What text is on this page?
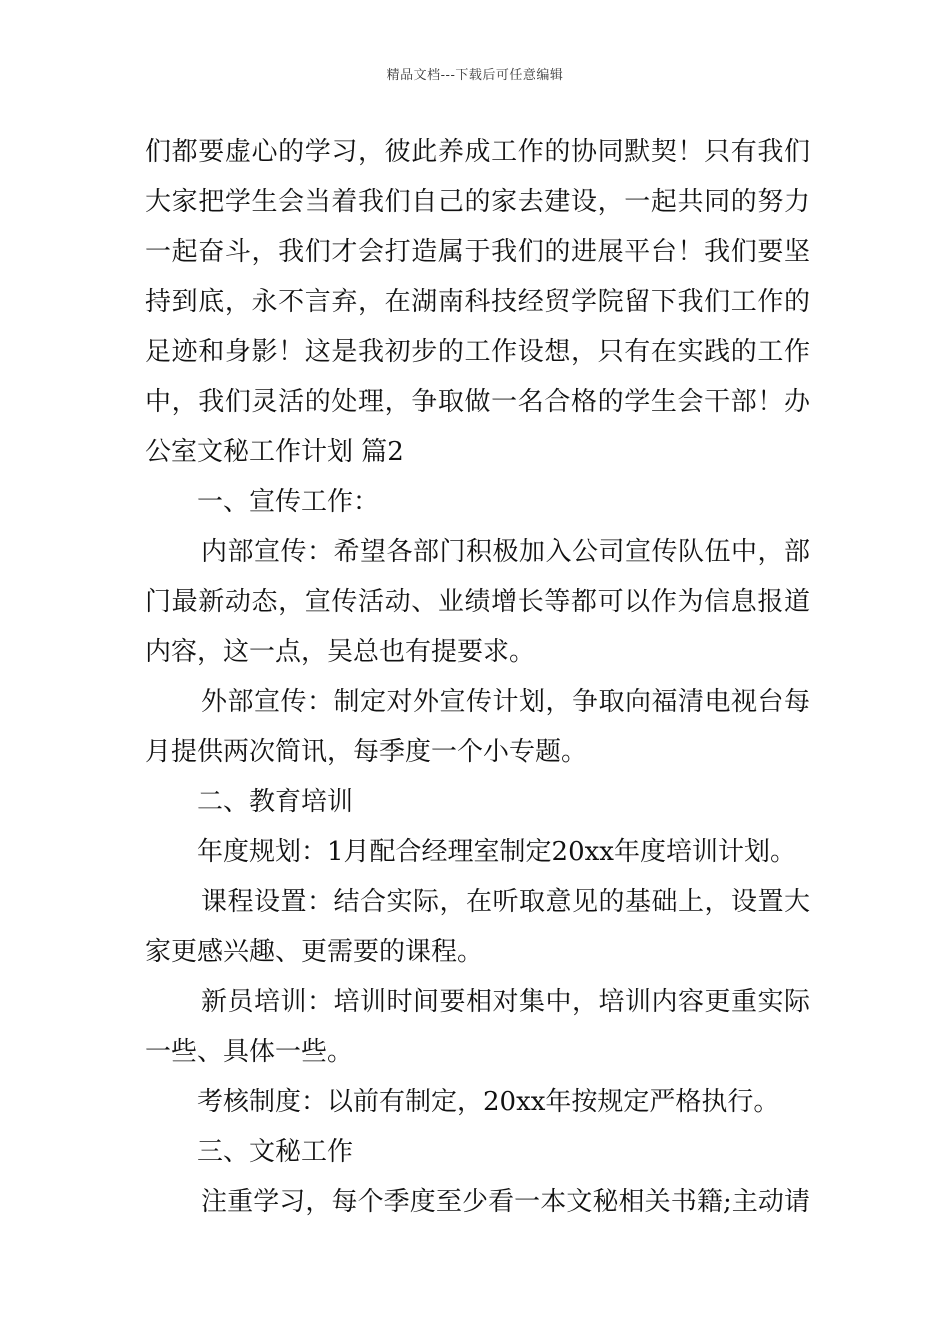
精品文档---下载后可任意编辑
们都要虚心的学习，彼此养成工作的协同默契！只有我们
大家把学生会当着我们自己的家去建设，一起共同的努力
一起奋斗，我们才会打造属于我们的进展平台！我们要坚
持到底，永不言弃，在湖南科技经贸学院留下我们工作的
足迹和身影！这是我初步的工作设想，只有在实践的工作
中，我们灵活的处理，争取做一名合格的学生会干部！办
公室文秘工作计划 篇2
一、宣传工作：
内部宣传：希望各部门积极加入公司宣传队伍中，部
门最新动态，宣传活动、业绩增长等都可以作为信息报道
内容，这一点，吴总也有提要求。
外部宣传：制定对外宣传计划，争取向福清电视台每
月提供两次简讯，每季度一个小专题。
二、教育培训
年度规划：1月配合经理室制定20xx年度培训计划。
课程设置：结合实际，在听取意见的基础上，设置大
家更感兴趣、更需要的课程。
新员培训：培训时间要相对集中，培训内容更重实际
一些、具体一些。
考核制度：以前有制定，20xx年按规定严格执行。
三、文秘工作
注重学习，每个季度至少看一本文秘相关书籍;主动请
